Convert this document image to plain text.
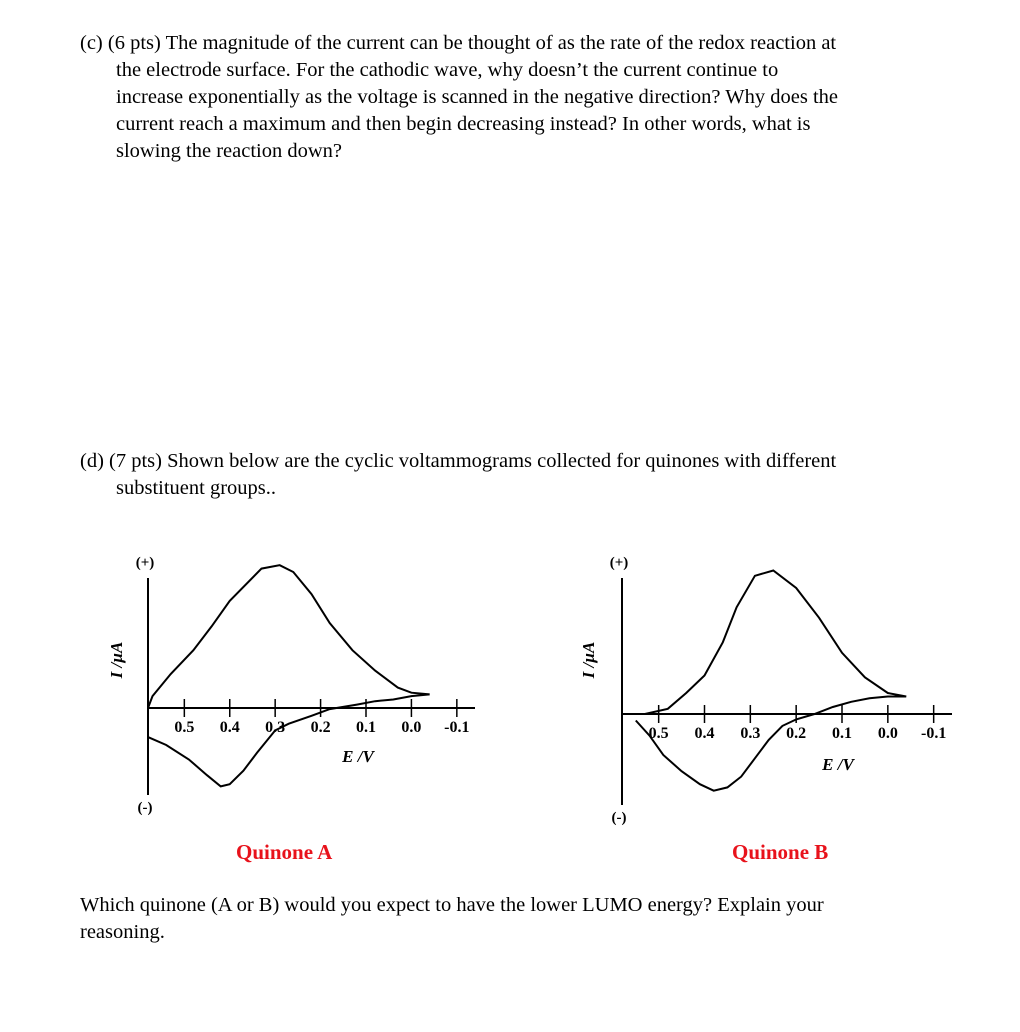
(c) (6 pts) The magnitude of the current can be thought of as the rate of the redox reaction at
the electrode surface. For the cathodic wave, why doesn’t the current continue to
increase exponentially as the voltage is scanned in the negative direction? Why does the
current reach a maximum and then begin decreasing instead? In other words, what is
slowing the reaction down?
(d) (7 pts) Shown below are the cyclic voltammograms collected for quinones with different
substituent groups..
(+)
(-)
I /µA
E /V
0.5 0.4 0.3 0.2 0.1 0.0 -0.1
(+)
(-)
I /µA
E /V
0.5 0.4 0.3 0.2 0.1 0.0 -0.1
Quinone A	Quinone B
Which quinone (A or B) would you expect to have the lower LUMO energy? Explain your
reasoning.
